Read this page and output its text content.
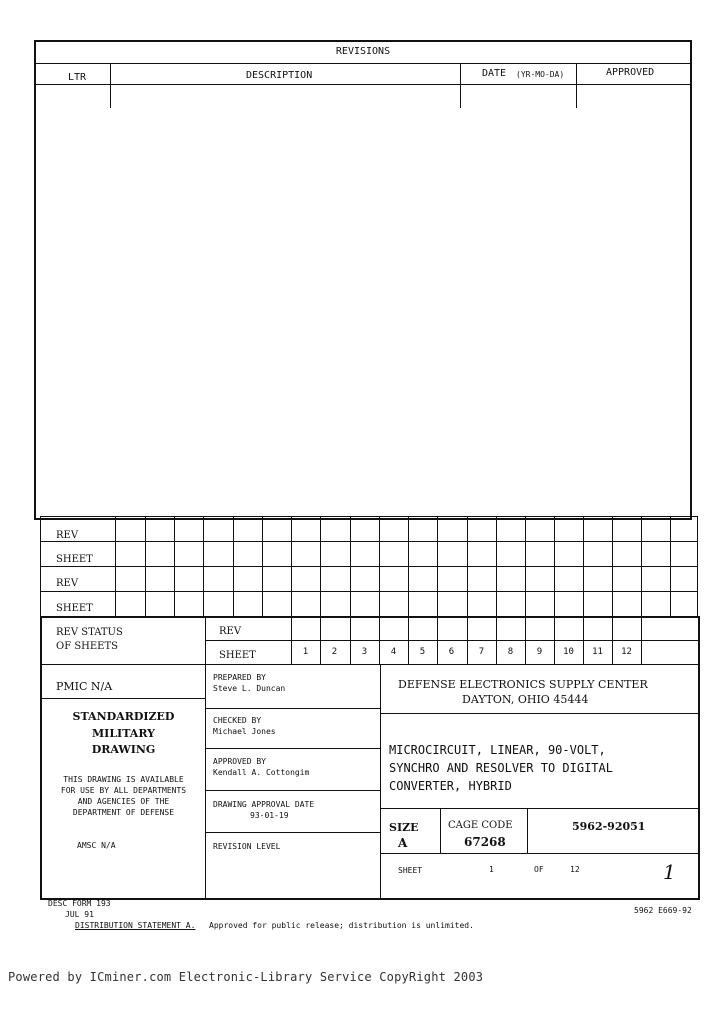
REVISIONS
LTR	DESCRIPTION	DATE (YR-MO-DA)	APPROVED
REV
SHEET
REV
SHEET
REV STATUS
OF SHEETS
REV
SHEET	1	2	3	4	5	6	7	8	9	10	11	12
PMIC N/A
STANDARDIZED
MILITARY
DRAWING
THIS DRAWING IS AVAILABLE
FOR USE BY ALL DEPARTMENTS
AND AGENCIES OF THE
DEPARTMENT OF DEFENSE
AMSC N/A
PREPARED BY
Steve L. Duncan
CHECKED BY
Michael Jones
APPROVED BY
Kendall A. Cottongim
DRAWING APPROVAL DATE
93-01-19
REVISION LEVEL
DEFENSE ELECTRONICS SUPPLY CENTER
DAYTON, OHIO 45444
MICROCIRCUIT, LINEAR, 90-VOLT,
SYNCHRO AND RESOLVER TO DIGITAL
CONVERTER, HYBRID
SIZE
A
CAGE CODE
67268
5962-92051
SHEET	1	OF	12	1
DESC FORM 193
JUL 91
DISTRIBUTION STATEMENT A. Approved for public release; distribution is unlimited.
5962 E669-92
Powered by ICminer.com Electronic-Library Service CopyRight 2003
